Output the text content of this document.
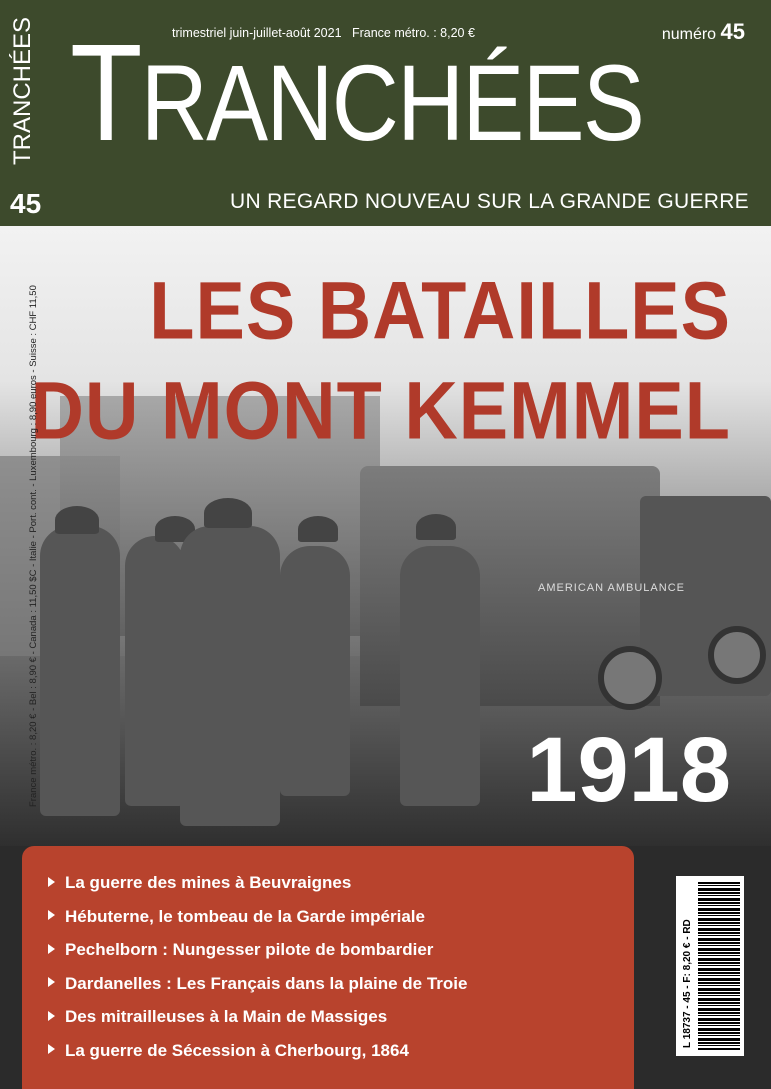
TRANCHÉES
45
trimestriel juin-juillet-août 2021   France métro. : 8,20 €	numéro 45
TRANCHÉES
UN REGARD NOUVEAU SUR LA GRANDE GUERRE
AMERICAN AMBULANCE
LES BATAILLES
DU MONT KEMMEL
1918
France métro. : 8,20 € - Bel : 8,90 € - Canada : 11,50 $C - Italie - Port. cont. - Luxembourg : 8,90 euros - Suisse : CHF 11,50
La guerre des mines à Beuvraignes
Hébuterne, le tombeau de la Garde impériale
Pechelborn : Nungesser pilote de bombardier
Dardanelles : Les Français dans la plaine de Troie
Des mitrailleuses à la Main de Massiges
La guerre de Sécession à Cherbourg, 1864
L 18737 - 45 - F: 8,20 € - RD
